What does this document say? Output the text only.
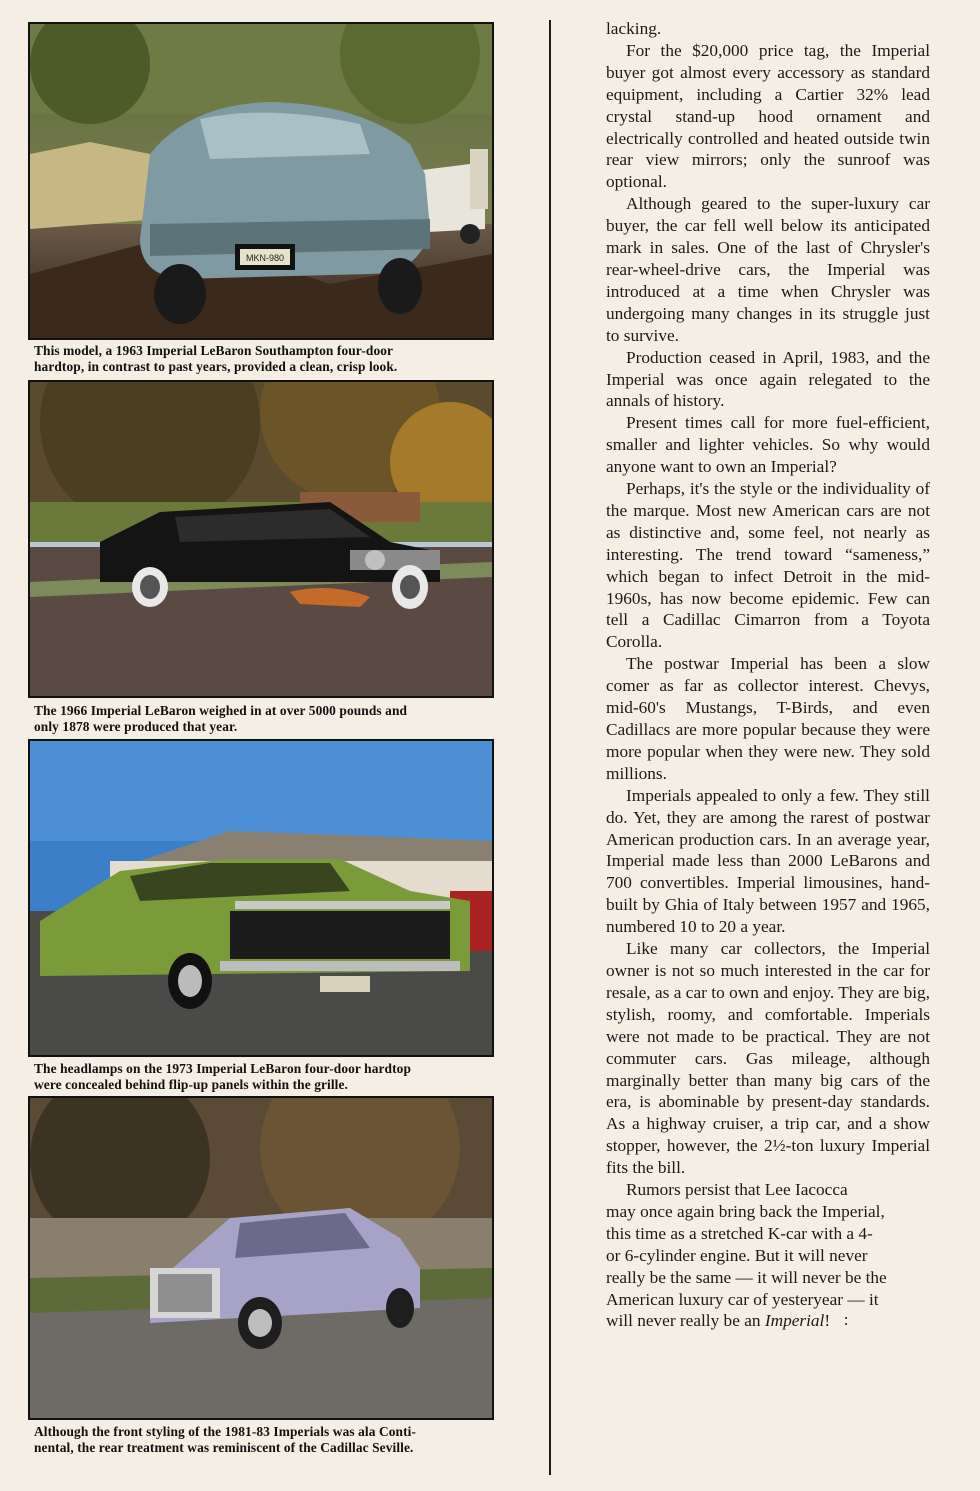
MKN-980
This model, a 1963 Imperial LeBaron Southampton four-door
hardtop, in contrast to past years, provided a clean, crisp look.
The 1966 Imperial LeBaron weighed in at over 5000 pounds and
only 1878 were produced that year.
The headlamps on the 1973 Imperial LeBaron four-door hardtop
were concealed behind flip-up panels within the grille.
Although the front styling of the 1981-83 Imperials was ala Conti-
nental, the rear treatment was reminiscent of the Cadillac Seville.

lacking.

For the $20,000 price tag, the Imperial buyer got almost every accessory as standard equipment, including a Cartier 32% lead crystal stand-up hood ornament and electrically controlled and heated outside twin rear view mirrors; only the sunroof was optional.

Although geared to the super-luxury car buyer, the car fell well below its anticipated mark in sales. One of the last of Chrysler's rear-wheel-drive cars, the Imperial was introduced at a time when Chrysler was undergoing many changes in its struggle just to survive.

Production ceased in April, 1983, and the Imperial was once again relegated to the annals of history.

Present times call for more fuel-efficient, smaller and lighter vehicles. So why would anyone want to own an Imperial?

Perhaps, it's the style or the individuality of the marque. Most new American cars are not as distinctive and, some feel, not nearly as interesting. The trend toward “sameness,” which began to infect Detroit in the mid-1960s, has now become epidemic. Few can tell a Cadillac Cimarron from a Toyota Corolla.

The postwar Imperial has been a slow comer as far as collector interest. Chevys, mid-60's Mustangs, T-Birds, and even Cadillacs are more popular because they were more popular when they were new. They sold millions.

Imperials appealed to only a few. They still do. Yet, they are among the rarest of postwar American production cars. In an average year, Imperial made less than 2000 LeBarons and 700 convertibles. Imperial limousines, hand-built by Ghia of Italy between 1957 and 1965, numbered 10 to 20 a year.

Like many car collectors, the Imperial owner is not so much interested in the car for resale, as a car to own and enjoy. They are big, stylish, roomy, and comfortable. Imperials were not made to be practical. They are not commuter cars. Gas mileage, although marginally better than many big cars of the era, is abominable by present-day standards. As a highway cruiser, a trip car, and a show stopper, however, the 2½-ton luxury Imperial fits the bill.

Rumors persist that Lee Iacocca
may once again bring back the Imperial,
this time as a stretched K-car with a 4-
or 6-cylinder engine. But it will never
really be the same — it will never be the
American luxury car of yesteryear — it
will never really be an Imperial! ∶
